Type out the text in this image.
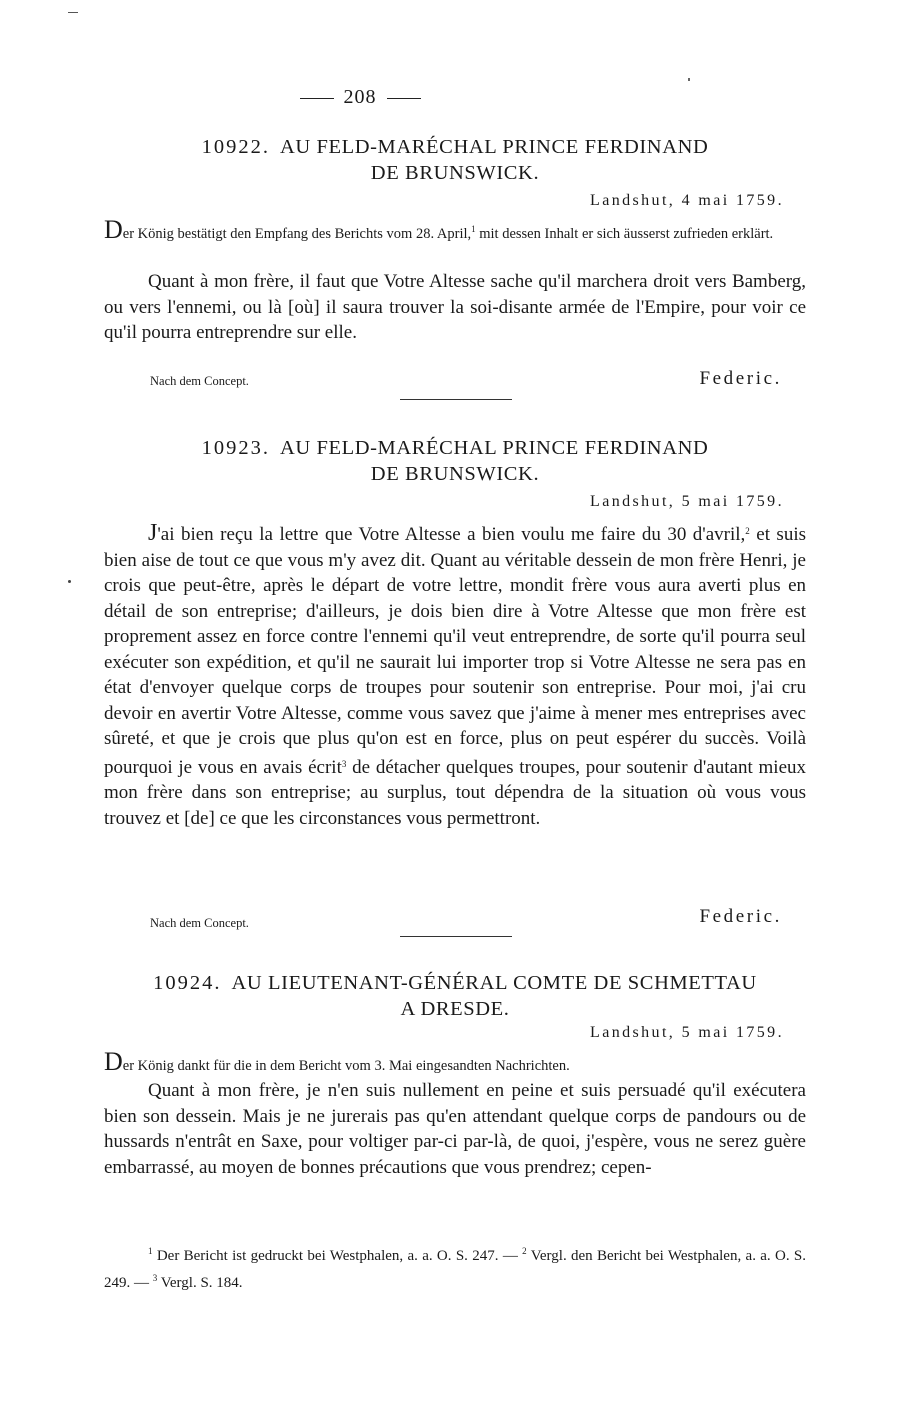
208
10922. AU FELD-MARÉCHAL PRINCE FERDINAND
DE BRUNSWICK.
Landshut, 4 mai 1759.
Der König bestätigt den Empfang des Berichts vom 28. April,$^1$ mit dessen Inhalt er sich äusserst zufrieden erklärt.
Quant à mon frère, il faut que Votre Altesse sache qu'il marchera droit vers Bamberg, ou vers l'ennemi, ou là [où] il saura trouver la soi-disante armée de l'Empire, pour voir ce qu'il pourra entreprendre sur elle.
Nach dem Concept.	Federic.
10923. AU FELD-MARÉCHAL PRINCE FERDINAND
DE BRUNSWICK.
Landshut, 5 mai 1759.
J'ai bien reçu la lettre que Votre Altesse a bien voulu me faire du 30 d'avril,$^2$ et suis bien aise de tout ce que vous m'y avez dit. Quant au véritable dessein de mon frère Henri, je crois que peut-être, après le départ de votre lettre, mondit frère vous aura averti plus en détail de son entreprise; d'ailleurs, je dois bien dire à Votre Altesse que mon frère est proprement assez en force contre l'ennemi qu'il veut entreprendre, de sorte qu'il pourra seul exécuter son expédition, et qu'il ne saurait lui importer trop si Votre Altesse ne sera pas en état d'envoyer quelque corps de troupes pour soutenir son entreprise. Pour moi, j'ai cru devoir en avertir Votre Altesse, comme vous savez que j'aime à mener mes entreprises avec sûreté, et que je crois que plus qu'on est en force, plus on peut espérer du succès. Voilà pourquoi je vous en avais écrit$^3$ de détacher quelques troupes, pour soutenir d'autant mieux mon frère dans son entreprise; au surplus, tout dépendra de la situation où vous vous trouvez et [de] ce que les circonstances vous permettront.
Nach dem Concept.	Federic.
10924. AU LIEUTENANT-GÉNÉRAL COMTE DE SCHMETTAU
A DRESDE.
Landshut, 5 mai 1759.
Der König dankt für die in dem Bericht vom 3. Mai eingesandten Nachrichten.
Quant à mon frère, je n'en suis nullement en peine et suis persuadé qu'il exécutera bien son dessein. Mais je ne jurerais pas qu'en attendant quelque corps de pandours ou de hussards n'entrât en Saxe, pour voltiger par-ci par-là, de quoi, j'espère, vous ne serez guère embarrassé, au moyen de bonnes précautions que vous prendrez; cepen-
$^1$ Der Bericht ist gedruckt bei Westphalen, a. a. O. S. 247. — $^2$ Vergl. den Bericht bei Westphalen, a. a. O. S. 249. — $^3$ Vergl. S. 184.
